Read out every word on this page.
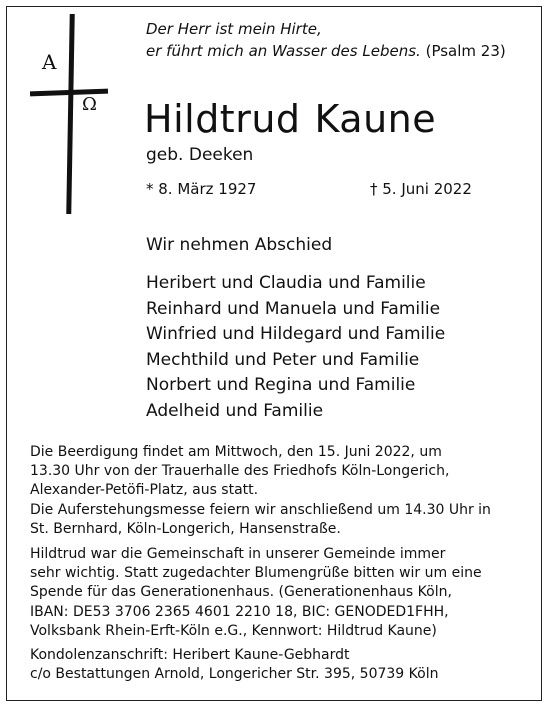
A
Ω
Der Herr ist mein Hirte,
er führt mich an Wasser des Lebens. (Psalm 23)
Hildtrud Kaune
geb. Deeken
* 8. März 1927	† 5. Juni 2022
Wir nehmen Abschied
Heribert und Claudia und Familie
Reinhard und Manuela und Familie
Winfried und Hildegard und Familie
Mechthild und Peter und Familie
Norbert und Regina und Familie
Adelheid und Familie
Die Beerdigung findet am Mittwoch, den 15. Juni 2022, um
13.30 Uhr von der Trauerhalle des Friedhofs Köln-Longerich,
Alexander-Petöfi-Platz, aus statt.
Die Auferstehungsmesse feiern wir anschließend um 14.30 Uhr in
St. Bernhard, Köln-Longerich, Hansenstraße.
Hildtrud war die Gemeinschaft in unserer Gemeinde immer
sehr wichtig. Statt zugedachter Blumengrüße bitten wir um eine
Spende für das Generationenhaus. (Generationenhaus Köln,
IBAN: DE53 3706 2365 4601 2210 18, BIC: GENODED1FHH,
Volksbank Rhein-Erft-Köln e.G., Kennwort: Hildtrud Kaune)
Kondolenzanschrift: Heribert Kaune-Gebhardt
c/o Bestattungen Arnold, Longericher Str. 395, 50739 Köln
